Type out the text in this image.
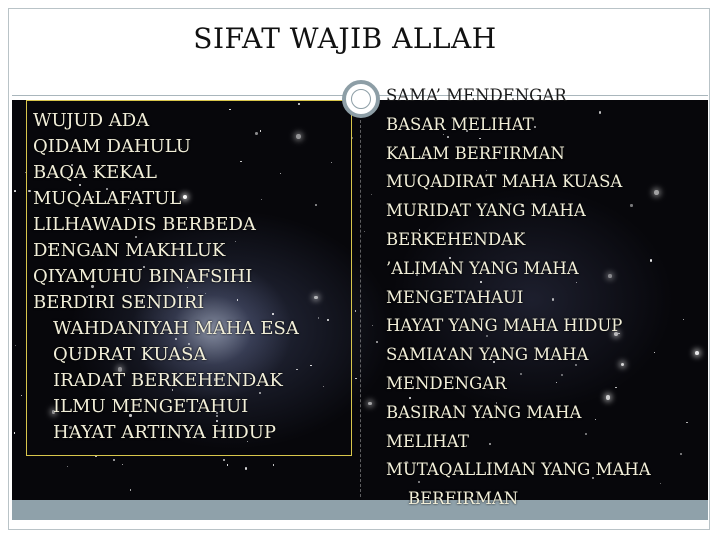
SIFAT WAJIB ALLAH
WUJUD ADA
QIDAM DAHULU
BAQA KEKAL
MUQALAFATUL
LILHAWADIS BERBEDA
DENGAN MAKHLUK
QIYAMUHU BINAFSIHI
BERDIRI SENDIRI
WAHDANIYAH MAHA ESA
QUDRAT KUASA
IRADAT BERKEHENDAK
ILMU MENGETAHUI
HAYAT ARTINYA HIDUP
SAMA’ MENDENGAR
BASAR MELIHAT
KALAM BERFIRMAN
MUQADIRAT MAHA KUASA
MURIDAT YANG MAHA
BERKEHENDAK
’ALIMAN YANG MAHA
MENGETAHAUI
HAYAT YANG MAHA HIDUP
SAMIA’AN YANG MAHA
MENDENGAR
BASIRAN YANG MAHA
MELIHAT
MUTAQALLIMAN YANG MAHA
BERFIRMAN
